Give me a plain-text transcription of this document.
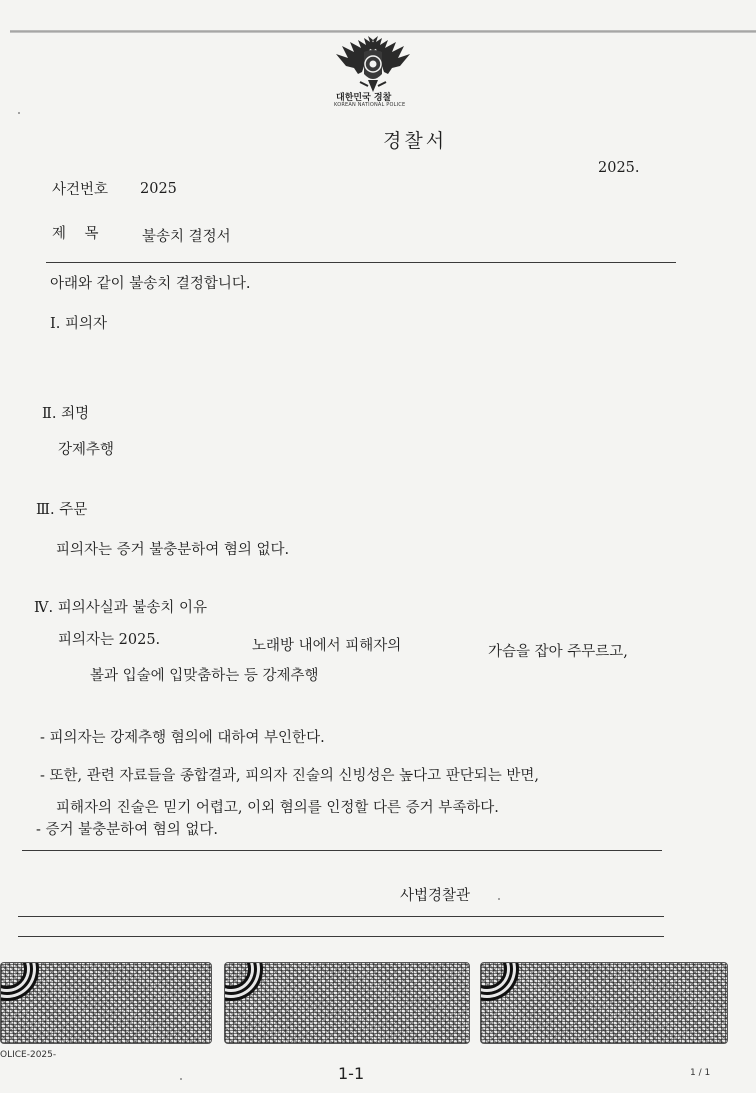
대한민국 경찰
KOREAN NATIONAL POLICE
경찰서
2025.
사건번호 2025
제    목	불송치 결정서
아래와 같이 불송치 결정합니다.
Ⅰ. 피의자
Ⅱ. 죄명
강제추행
Ⅲ. 주문
피의자는 증거 불충분하여 혐의 없다.
Ⅳ. 피의사실과 불송치 이유
피의자는 2025.	노래방 내에서 피해자의	가슴을 잡아 주무르고,
볼과 입술에 입맞춤하는 등 강제추행
- 피의자는 강제추행 혐의에 대하여 부인한다.
- 또한, 관련 자료들을 종합결과, 피의자 진술의 신빙성은 높다고 판단되는 반면,
피해자의 진술은 믿기 어렵고, 이외 혐의를 인정할 다른 증거 부족하다.
- 증거 불충분하여 혐의 없다.
사법경찰관
OLICE-2025-
1-1	1 / 1
